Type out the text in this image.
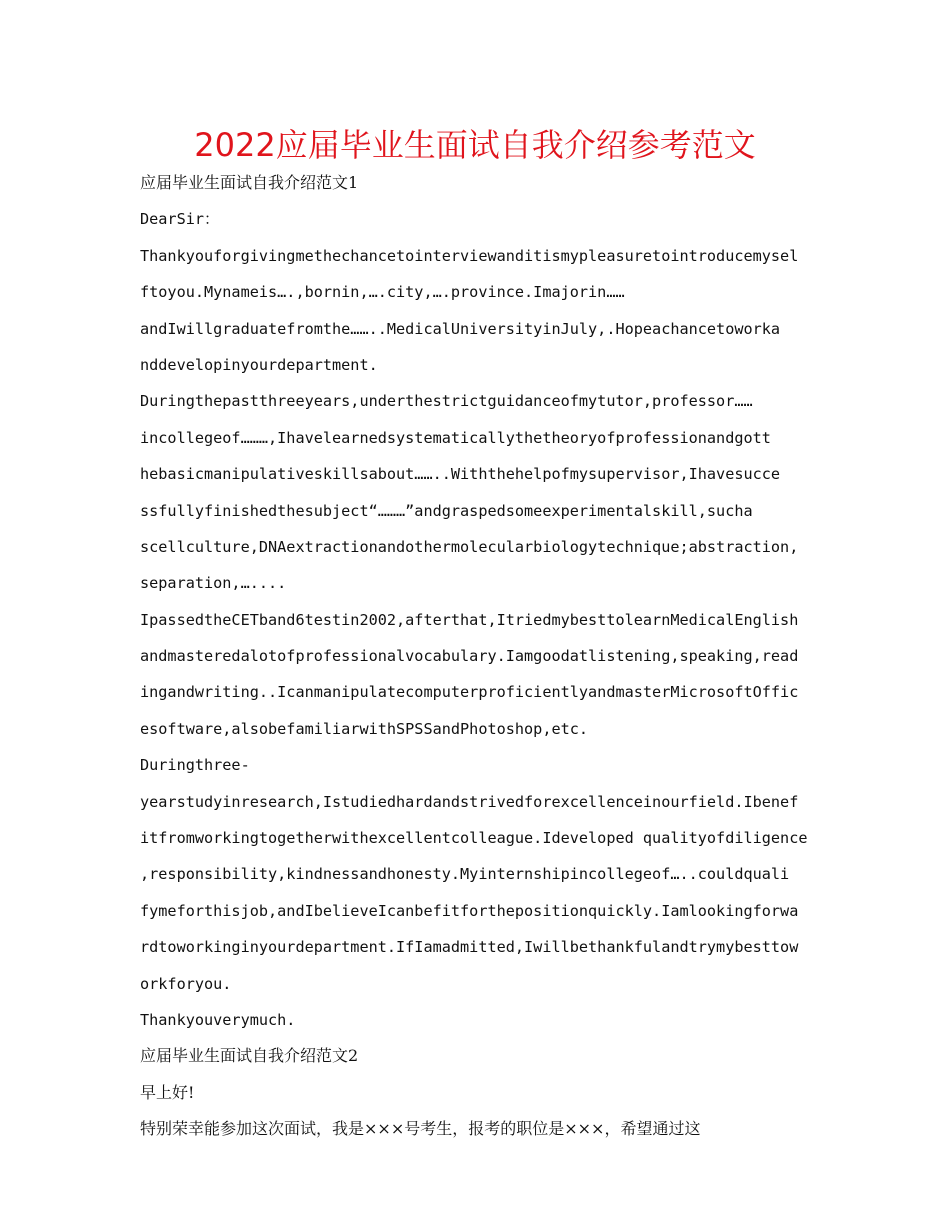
2022应届毕业生面试自我介绍参考范文
应届毕业生面试自我介绍范文1
DearSir：
Thankyouforgivingmethechancetointerviewanditismypleasuretointroducemysel
ftoyou.Mynameis….,bornin,….city,….province.Imajorin……
andIwillgraduatefromthe……..MedicalUniversityinJuly,.Hopeachancetoworka
nddevelopinyourdepartment.
Duringthepastthreeyears,underthestrictguidanceofmytutor,professor……
incollegeof………,Ihavelearnedsystematicallythetheoryofprofessionandgott
hebasicmanipulativeskillsabout……..Withthehelpofmysupervisor,Ihavesucce
ssfullyfinishedthesubject“………”andgraspedsomeexperimentalskill,sucha
scellculture,DNAextractionandothermolecularbiologytechnique;abstraction,
separation,…....
IpassedtheCETband6testin2002,afterthat,ItriedmybesttolearnMedicalEnglish
andmasteredalotofprofessionalvocabulary.Iamgoodatlistening,speaking,read
ingandwriting..IcanmanipulatecomputerproficientlyandmasterMicrosoftOffic
esoftware,alsobefamiliarwithSPSSandPhotoshop,etc.
Duringthree-
yearstudyinresearch,Istudiedhardandstrivedforexcellenceinourfield.Ibenef
itfromworkingtogetherwithexcellentcolleague.Ideveloped qualityofdiligence
,responsibility,kindnessandhonesty.Myinternshipincollegeof…..couldquali
fymeforthisjob,andIbelieveIcanbefitforthepositionquickly.Iamlookingforwa
rdtoworkinginyourdepartment.IfIamadmitted,Iwillbethankfulandtrymybesttow
orkforyou.
Thankyouverymuch.
应届毕业生面试自我介绍范文2
早上好!
特别荣幸能参加这次面试，我是×××号考生，报考的职位是×××，希望通过这
